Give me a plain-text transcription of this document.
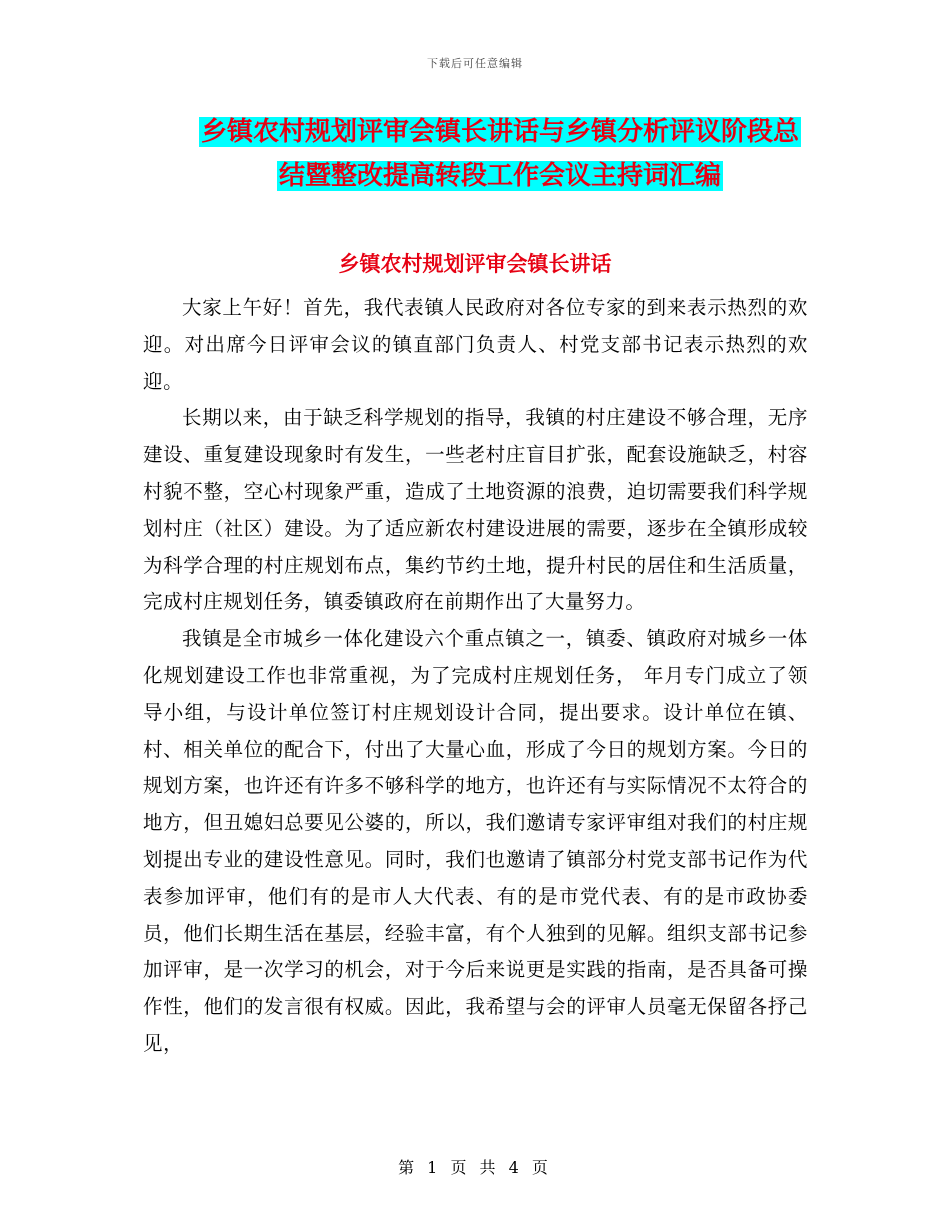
下载后可任意编辑
乡镇农村规划评审会镇长讲话与乡镇分析评议阶段总
结暨整改提高转段工作会议主持词汇编
乡镇农村规划评审会镇长讲话

大家上午好！首先，我代表镇人民政府对各位专家的到来表示热烈的欢迎。对出席今日评审会议的镇直部门负责人、村党支部书记表示热烈的欢迎。

长期以来，由于缺乏科学规划的指导，我镇的村庄建设不够合理，无序建设、重复建设现象时有发生，一些老村庄盲目扩张，配套设施缺乏，村容村貌不整，空心村现象严重，造成了土地资源的浪费，迫切需要我们科学规划村庄（社区）建设。为了适应新农村建设进展的需要，逐步在全镇形成较为科学合理的村庄规划布点，集约节约土地，提升村民的居住和生活质量，完成村庄规划任务，镇委镇政府在前期作出了大量努力。

我镇是全市城乡一体化建设六个重点镇之一，镇委、镇政府对城乡一体化规划建设工作也非常重视，为了完成村庄规划任务， 年月专门成立了领导小组，与设计单位签订村庄规划设计合同，提出要求。设计单位在镇、村、相关单位的配合下，付出了大量心血，形成了今日的规划方案。今日的规划方案，也许还有许多不够科学的地方，也许还有与实际情况不太符合的地方，但丑媳妇总要见公婆的，所以，我们邀请专家评审组对我们的村庄规划提出专业的建设性意见。同时，我们也邀请了镇部分村党支部书记作为代表参加评审，他们有的是市人大代表、有的是市党代表、有的是市政协委员，他们长期生活在基层，经验丰富，有个人独到的见解。组织支部书记参加评审，是一次学习的机会，对于今后来说更是实践的指南，是否具备可操作性，他们的发言很有权威。因此，我希望与会的评审人员毫无保留各抒己见，

第 1 页 共 4 页
